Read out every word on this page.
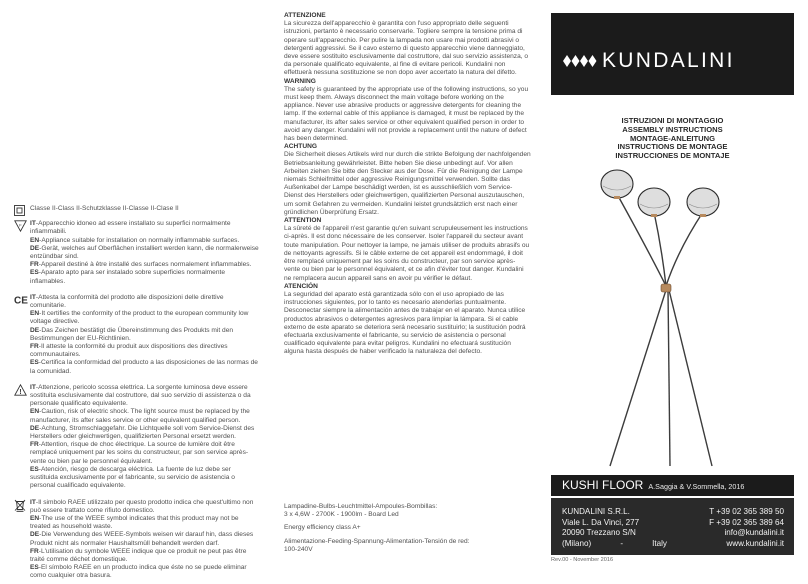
Classe II-Class II-Schutzklasse II-Classe II-Clase II

F IT-Apparecchio idoneo ad essere installato su superfici normalmente infiammabili.

EN-Appliance suitable for installation on normally inflammable surfaces.

DE-Gerät, welches auf Oberflächen installiert werden kann, die normalerweise entzündbar sind.

FR-Appareil destiné à être installé des surfaces normalement inflammables.

ES-Aparato apto para ser instalado sobre superficies normalmente inflamables.

CE IT-Attesta la conformità del prodotto alle disposizioni delle direttive comunitarie.

EN-It certifies the conformity of the product to the european community low voltage directive.

DE-Das Zeichen bestätigt die Übereinstimmung des Produkts mit den Bestimmungen der EU-Richtlinien.

FR-Il atteste la conformité du produit aux dispositions des directives communautaires.

ES-Certifica la conformidad del producto a las disposiciones de las normas de la comunidad.

!

IT-Attenzione, pericolo scossa elettrica. La sorgente luminosa deve essere sostituita esclusivamente dal costruttore, dal suo servizio di assistenza o da personale qualificato equivalente.

EN-Caution, risk of electric shock. The light source must be replaced by the manufacturer, its after sales service or other equivalent qualified person.

DE-Achtung, Stromschlaggefahr. Die Lichtquelle soll vom Service-Dienst des Herstellers oder gleichwertigen, qualifizierten Personal ersetzt werden.

FR-Attention, risque de choc électrique. La source de lumière doit être remplacé uniquement par les soins du constructeur, par son service après-vente ou bien par le personnel équivalent.

ES-Atención, riesgo de descarga eléctrica. La fuente de luz debe ser sustituida exclusivamente por el fabricante, su servicio de asistencia o personal cualificado equivalente.

IT-Il simbolo RAEE utilizzato per questo prodotto indica che quest'ultimo non può essere trattato come rifiuto domestico.

EN-The use of the WEEE symbol indicates that this product may not be treated as household waste.

DE-Die Verwendung des WEEE-Symbols weisen wir darauf hin, dass dieses Produkt nicht als normaler Haushaltsmüll behandelt werden darf.

FR-L'utilisation du symbole WEEE indique que ce produit ne peut pas être traité comme déchet domestique.

ES-El símbolo RAEE en un producto indica que éste no se puede eliminar como cualquier otra basura.

ATTENZIONE

La sicurezza dell'apparecchio è garantita con l'uso appropriato delle seguenti istruzioni, pertanto è necessario conservarle. Togliere sempre la tensione prima di operare sull'apparecchio. Per pulire la lampada non usare mai prodotti abrasivi o detergenti aggressivi. Se il cavo esterno di questo apparecchio viene danneggiato, deve essere sostituito esclusivamente dal costruttore, dal suo servizio assistenza, o da personale qualificato equivalente, al fine di evitare pericoli. Kundalini non effettuerà nessuna sostituzione se non dopo aver accertato la natura del difetto.

WARNING

The safety is guaranteed by the appropriate use of the following instructions, so you must keep them. Always disconnect the main voltage before working on the appliance. Never use abrasive products or aggressive detergents for cleaning the lamp. If the external cable of this appliance is damaged, it must be replaced by the manufacturer, its after sales service or other equivalent qualified person in order to avoid any danger. Kundalini will not provide a replacement until the nature of defect has been determined.

ACHTUNG

Die Sicherheit dieses Artikels wird nur durch die strikte Befolgung der nachfolgenden Betriebsanleitung gewährleistet. Bitte heben Sie diese unbedingt auf. Vor allen Arbeiten ziehen Sie bitte den Stecker aus der Dose. Für die Reinigung der Lampe niemals Schleifmittel oder aggressive Reinigungsmittel verwenden. Sollte das Außenkabel der Lampe beschädigt werden, ist es ausschließlich vom Service-Dienst des Herstellers oder gleichwertigen, qualifizierten Personal auszutauschen, um somit Gefahren zu vermeiden. Kundalini leistet grundsätzlich erst nach einer gründlichen Überprüfung Ersatz.

ATTENTION

La sûreté de l'appareil n'est garantie qu'en suivant scrupuleusement les instructions ci-après. Il est donc nécessaire de les conserver. Isoler l'appareil du secteur avant toute manipulation. Pour nettoyer la lampe, ne jamais utiliser de produits abrasifs ou de nettoyants agressifs. Si le câble externe de cet appareil est endommagé, il doit être remplacé uniquement par les soins du constructeur, par son service après-vente ou bien par le personnel équivalent, et ce afin d'éviter tout danger. Kundalini ne remplacera aucun appareil sans en avoir pu vérifier le défaut.

ATENCIÓN

La seguridad del aparato está garantizada sólo con el uso apropiado de las instrucciones siguientes, por lo tanto es necesario atenderlas puntualmente. Desconectar siempre la alimentación antes de trabajar en el aparato. Nunca utilice productos abrasivos o detergentes agresivos para limpiar la lámpara. Si el cable externo de este aparato se deteriora será necesario sustituirlo; la sustitución podrá efectuarla exclusivamente el fabricante, su servicio de asistencia o personal cualificado equivalente para evitar peligros. Kundalini no efectuará sustitución alguna hasta después de haber verificado la naturaleza del defecto.

Lampadine-Bulbs-Leuchtmittel-Ampoules-Bombillas:
3 x 4,6W - 2700K - 1900lm - Board Led

Energy efficiency class A+

Alimentazione-Feeding-Spannung-Alimentation-Tensión de red:
100-240V

KUNDALINI
ISTRUZIONI DI MONTAGGIO
ASSEMBLY INSTRUCTIONS
MONTAGE-ANLEITUNG
INSTRUCTIONS DE MONTAGE
INSTRUCCIONES DE MONTAJE
KUSHI FLOOR A.Saggia & V.Sommella, 2016
KUNDALINI S.R.L.
Viale L. Da Vinci, 277
20090 Trezzano S/N
(Milano)	-	Italy
T +39 02 365 389 50
F +39 02 365 389 64
info@kundalini.it
www.kundalini.it
Rev.00 - November 2016
